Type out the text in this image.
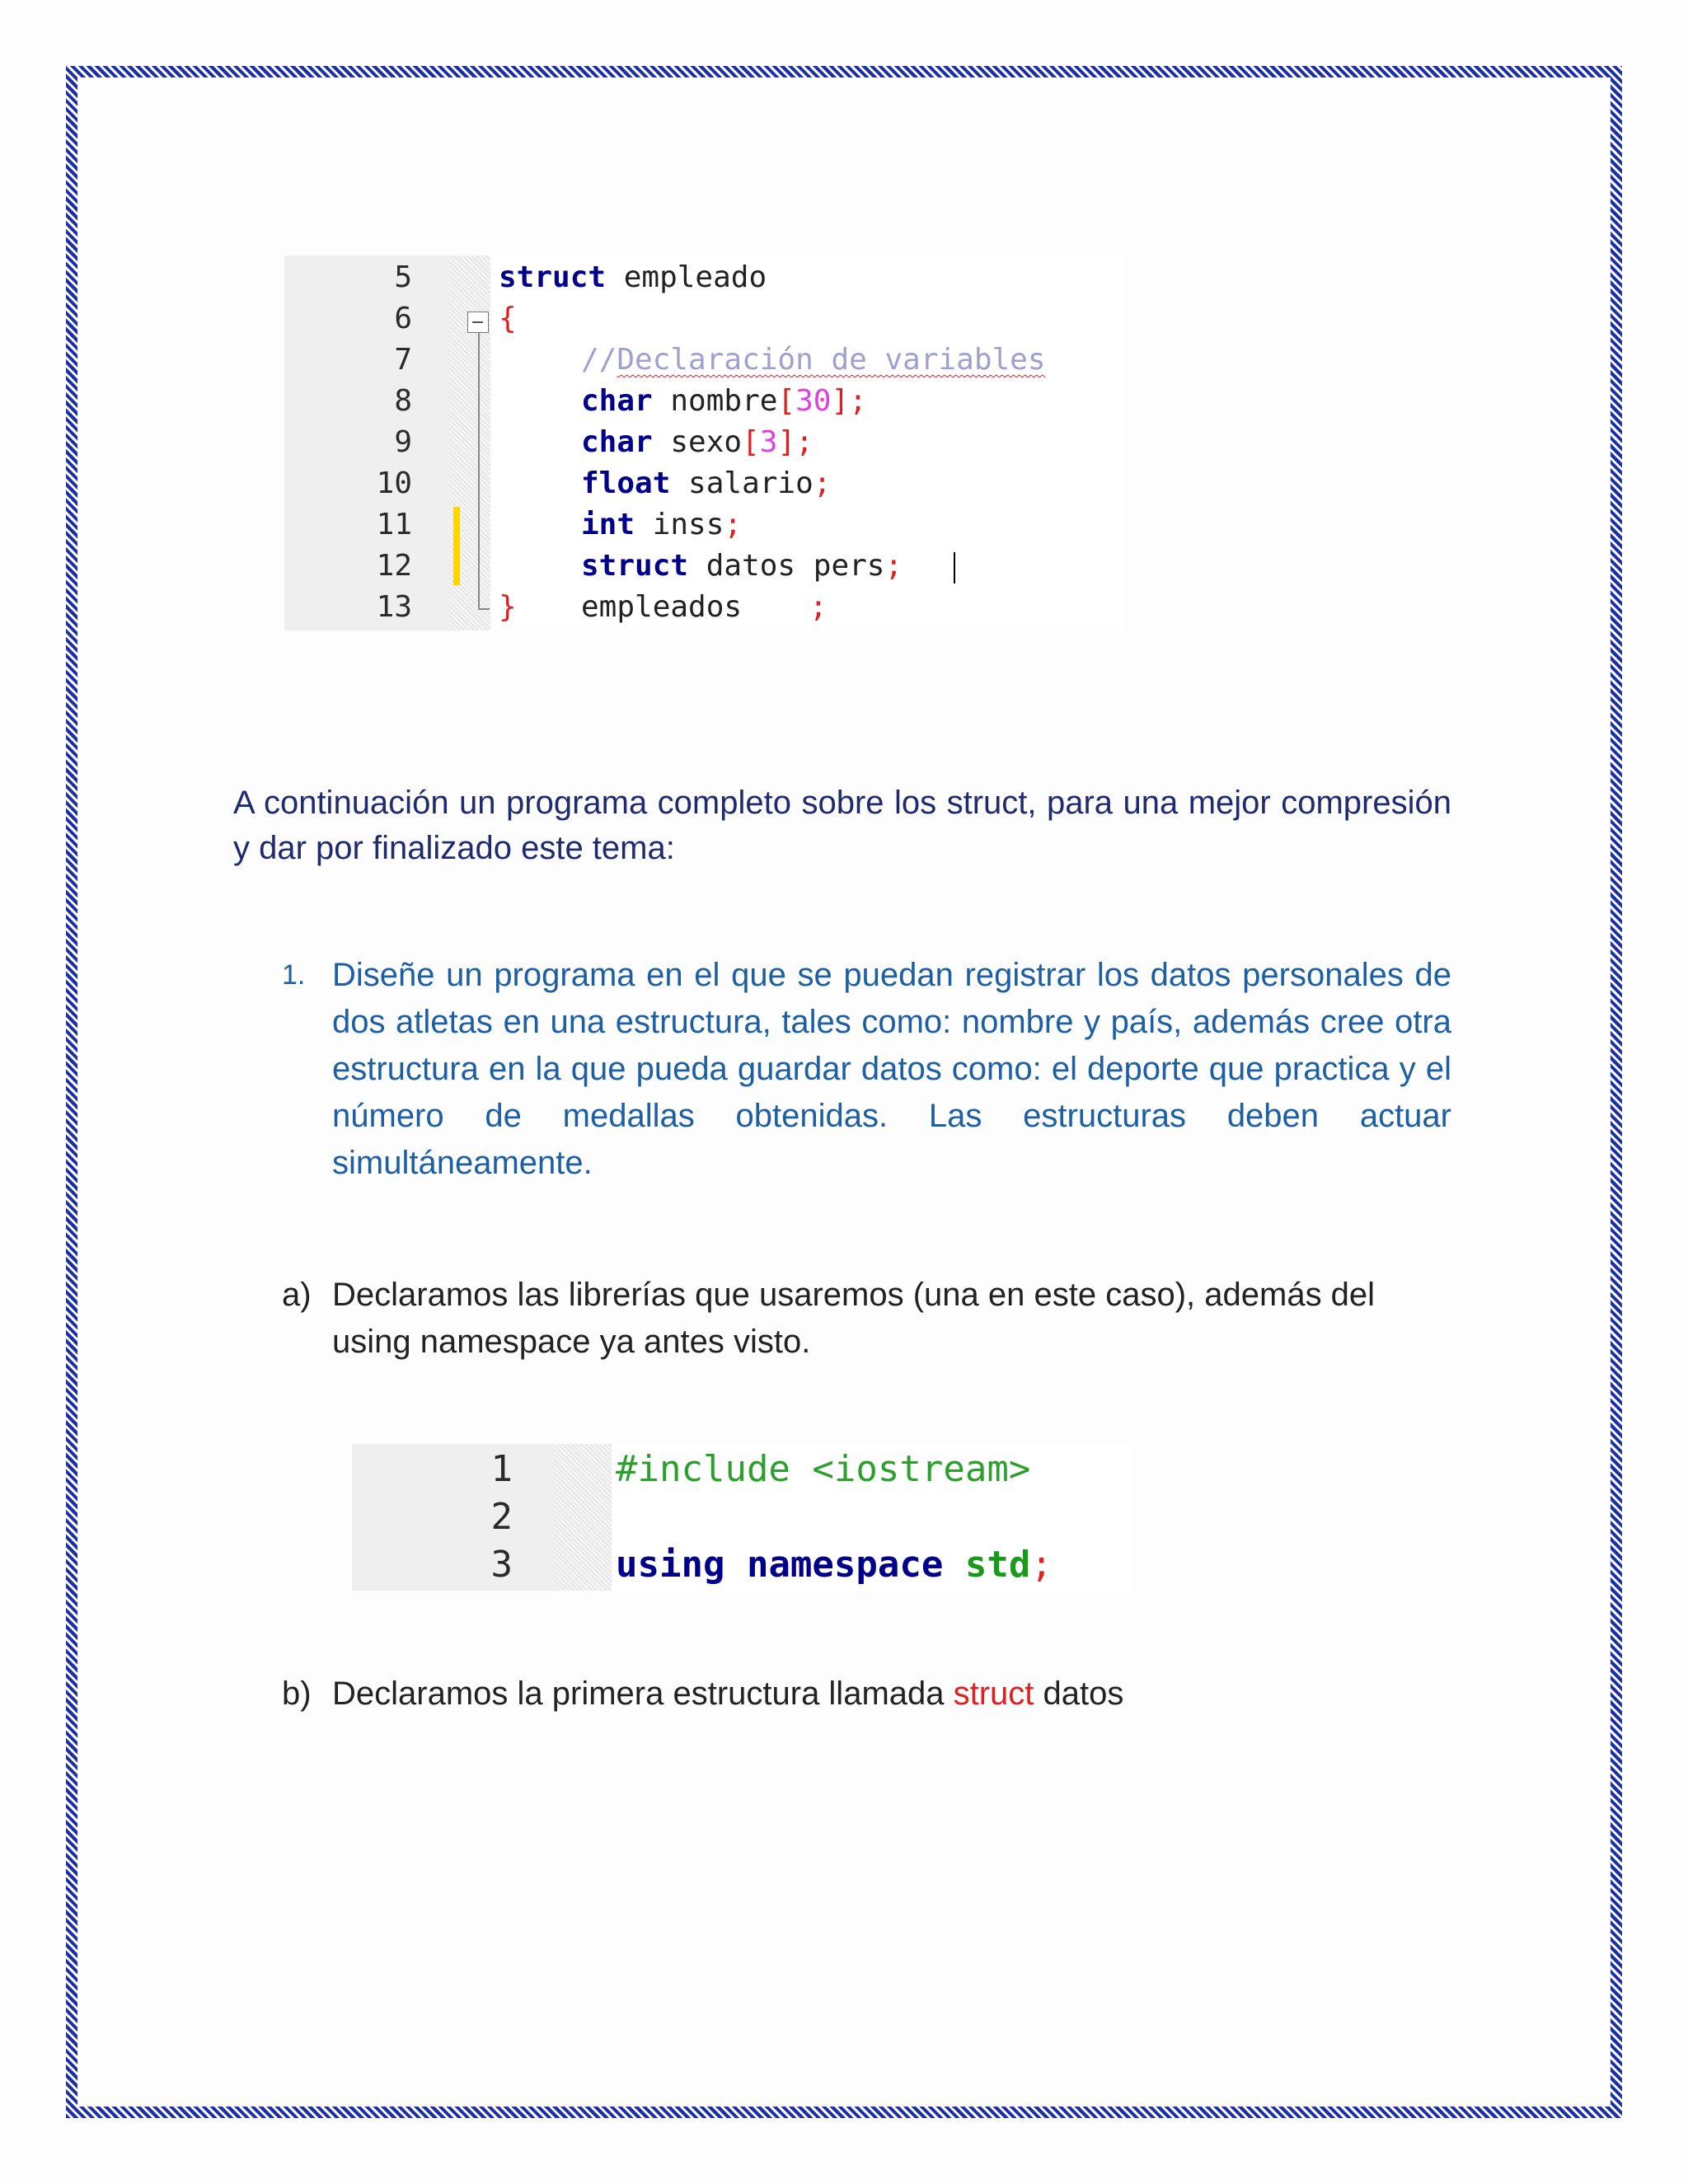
5
6
7
8
9
10
11
12
13
struct empleado
{
//Declaración de variables
char nombre[30];
char sexo[3];
float salario;
int inss;
struct datos pers;
} empleados ;
A continuación un programa completo sobre los struct, para una mejor compresión y dar por finalizado este tema:
1. Diseñe un programa en el que se puedan registrar los datos personales de dos atletas en una estructura, tales como: nombre y país, además cree otra estructura en la que pueda guardar datos como: el deporte que practica y el número de medallas obtenidas. Las estructuras deben actuar simultáneamente.
a) Declaramos las librerías que usaremos (una en este caso), además del using namespace ya antes visto.
1
2
3
#include <iostream>
using namespace std;
b) Declaramos la primera estructura llamada struct datos
